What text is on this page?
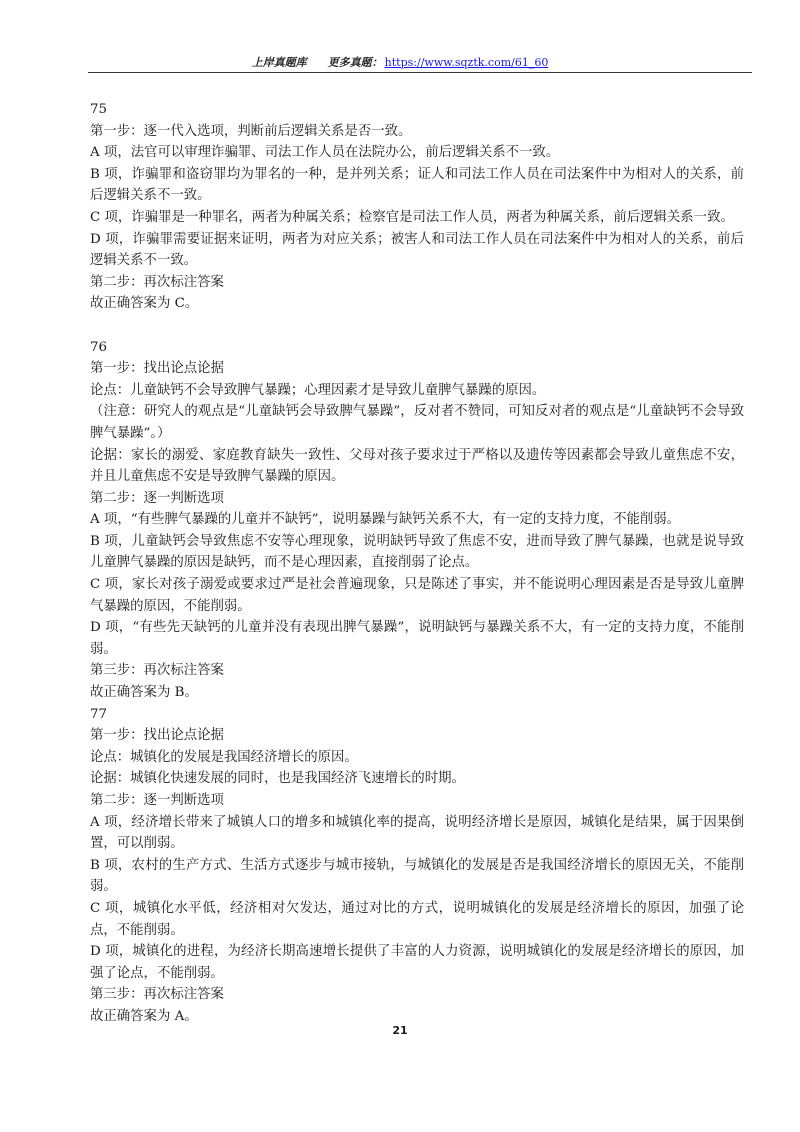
上岸真题库 更多真题： https://www.sqztk.com/61_60

75

第一步：逐一代入选项，判断前后逻辑关系是否一致。

A 项，法官可以审理诈骗罪、司法工作人员在法院办公，前后逻辑关系不一致。

B 项，诈骗罪和盗窃罪均为罪名的一种，是并列关系；证人和司法工作人员在司法案件中为相对人的关系，前后逻辑关系不一致。

C 项，诈骗罪是一种罪名，两者为种属关系；检察官是司法工作人员，两者为种属关系，前后逻辑关系一致。

D 项，诈骗罪需要证据来证明，两者为对应关系；被害人和司法工作人员在司法案件中为相对人的关系，前后逻辑关系不一致。

第二步：再次标注答案

故正确答案为 C。

76

第一步：找出论点论据

论点：儿童缺钙不会导致脾气暴躁；心理因素才是导致儿童脾气暴躁的原因。

（注意：研究人的观点是“儿童缺钙会导致脾气暴躁”，反对者不赞同，可知反对者的观点是“儿童缺钙不会导致脾气暴躁”。）

论据：家长的溺爱、家庭教育缺失一致性、父母对孩子要求过于严格以及遗传等因素都会导致儿童焦虑不安，并且儿童焦虑不安是导致脾气暴躁的原因。

第二步：逐一判断选项

A 项，“有些脾气暴躁的儿童并不缺钙”，说明暴躁与缺钙关系不大，有一定的支持力度，不能削弱。

B 项，儿童缺钙会导致焦虑不安等心理现象，说明缺钙导致了焦虑不安，进而导致了脾气暴躁，也就是说导致儿童脾气暴躁的原因是缺钙，而不是心理因素，直接削弱了论点。

C 项，家长对孩子溺爱或要求过严是社会普遍现象，只是陈述了事实，并不能说明心理因素是否是导致儿童脾气暴躁的原因，不能削弱。

D 项，“有些先天缺钙的儿童并没有表现出脾气暴躁”，说明缺钙与暴躁关系不大，有一定的支持力度，不能削弱。

第三步：再次标注答案

故正确答案为 B。

77

第一步：找出论点论据

论点：城镇化的发展是我国经济增长的原因。

论据：城镇化快速发展的同时，也是我国经济飞速增长的时期。

第二步：逐一判断选项

A 项，经济增长带来了城镇人口的增多和城镇化率的提高，说明经济增长是原因，城镇化是结果，属于因果倒置，可以削弱。

B 项，农村的生产方式、生活方式逐步与城市接轨，与城镇化的发展是否是我国经济增长的原因无关，不能削弱。

C 项，城镇化水平低，经济相对欠发达，通过对比的方式，说明城镇化的发展是经济增长的原因，加强了论点，不能削弱。

D 项，城镇化的进程，为经济长期高速增长提供了丰富的人力资源，说明城镇化的发展是经济增长的原因，加强了论点，不能削弱。

第三步：再次标注答案

故正确答案为 A。

21
